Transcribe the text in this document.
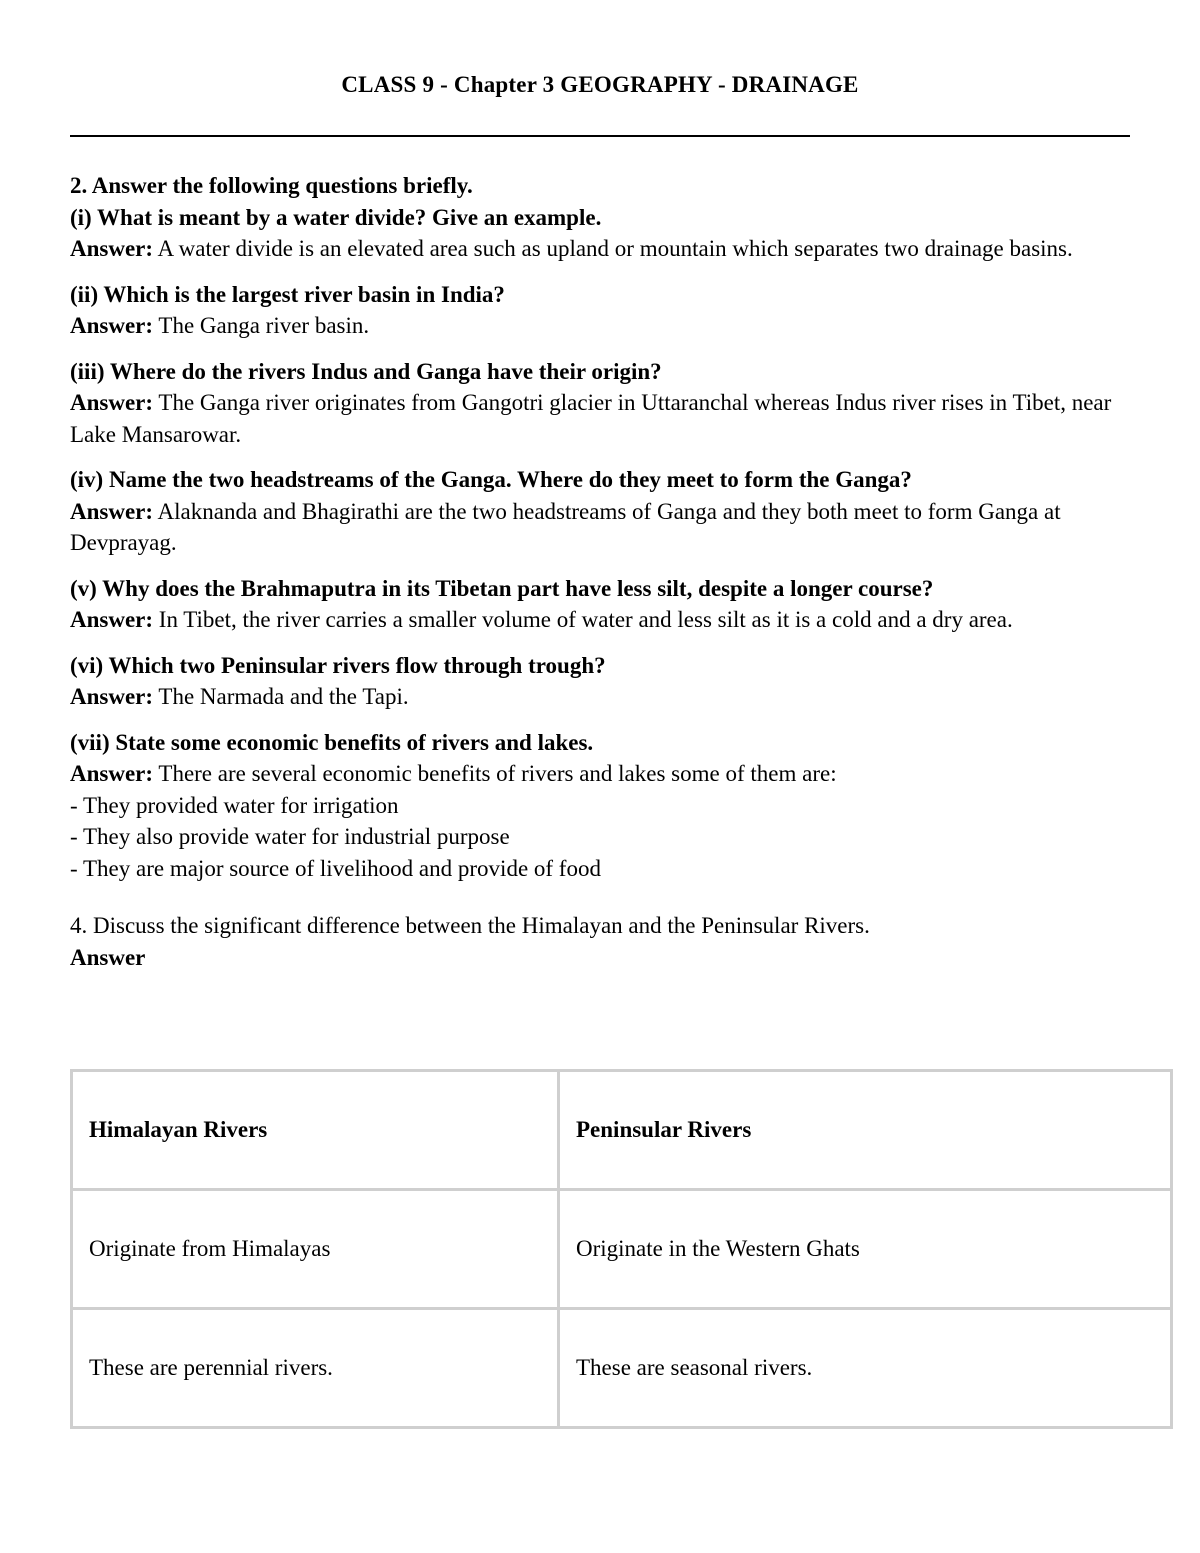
CLASS 9 - Chapter 3 GEOGRAPHY - DRAINAGE

2. Answer the following questions briefly.

(i) What is meant by a water divide? Give an example.

Answer: A water divide is an elevated area such as upland or mountain which separates two drainage basins.

(ii) Which is the largest river basin in India?

Answer: The Ganga river basin.

(iii) Where do the rivers Indus and Ganga have their origin?

Answer: The Ganga river originates from Gangotri glacier in Uttaranchal whereas Indus river rises in Tibet, near Lake Mansarowar.

(iv) Name the two headstreams of the Ganga. Where do they meet to form the Ganga?

Answer: Alaknanda and Bhagirathi are the two headstreams of Ganga and they both meet to form Ganga at Devprayag.

(v) Why does the Brahmaputra in its Tibetan part have less silt, despite a longer course?

Answer: In Tibet, the river carries a smaller volume of water and less silt as it is a cold and a dry area.

(vi) Which two Peninsular rivers flow through trough?

Answer: The Narmada and the Tapi.

(vii) State some economic benefits of rivers and lakes.

Answer: There are several economic benefits of rivers and lakes some of them are:

- They provided water for irrigation

- They also provide water for industrial purpose

- They are major source of livelihood and provide of food

4. Discuss the significant difference between the Himalayan and the Peninsular Rivers.

Answer

Himalayan Rivers	Peninsular Rivers
Originate from Himalayas	Originate in the Western Ghats
These are perennial rivers.	These are seasonal rivers.
